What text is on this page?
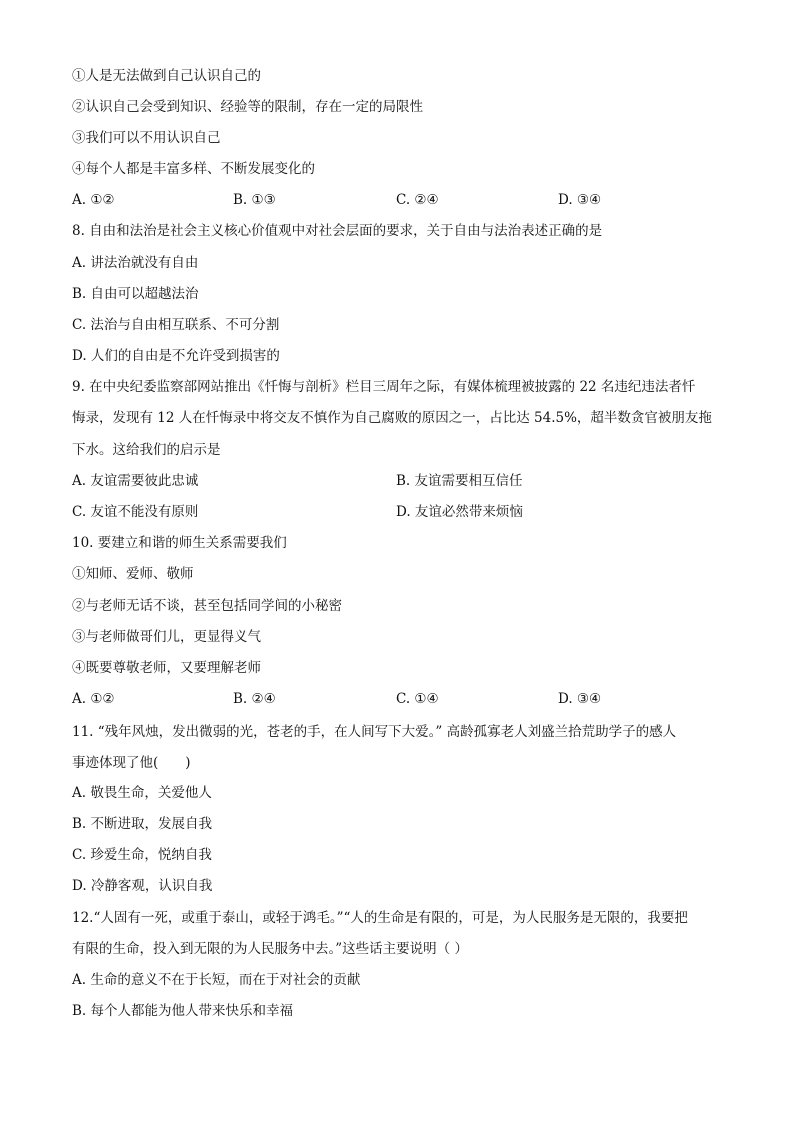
①人是无法做到自己认识自己的
②认识自己会受到知识、经验等的限制，存在一定的局限性
③我们可以不用认识自己
④每个人都是丰富多样、不断发展变化的
A. ①②	B. ①③	C. ②④	D. ③④
8. 自由和法治是社会主义核心价值观中对社会层面的要求，关于自由与法治表述正确的是
A. 讲法治就没有自由
B. 自由可以超越法治
C. 法治与自由相互联系、不可分割
D. 人们的自由是不允许受到损害的
9. 在中央纪委监察部网站推出《忏悔与剖析》栏目三周年之际，有媒体梳理被披露的 22 名违纪违法者忏
悔录，发现有 12 人在忏悔录中将交友不慎作为自己腐败的原因之一，占比达 54.5%，超半数贪官被朋友拖
下水。这给我们的启示是
A. 友谊需要彼此忠诚	B. 友谊需要相互信任
C. 友谊不能没有原则	D. 友谊必然带来烦恼
10. 要建立和谐的师生关系需要我们
①知师、爱师、敬师
②与老师无话不谈，甚至包括同学间的小秘密
③与老师做哥们儿，更显得义气
④既要尊敬老师，又要理解老师
A. ①②	B. ②④	C. ①④	D. ③④
11. “残年风烛，发出微弱的光，苍老的手，在人间写下大爱。” 高龄孤寡老人刘盛兰拾荒助学子的感人
事迹体现了他(　　)
A. 敬畏生命，关爱他人
B. 不断进取，发展自我
C. 珍爱生命，悦纳自我
D. 冷静客观，认识自我
12.“人固有一死，或重于泰山，或轻于鸿毛。”“人的生命是有限的，可是，为人民服务是无限的，我要把
有限的生命，投入到无限的为人民服务中去。”这些话主要说明（ ）
A. 生命的意义不在于长短，而在于对社会的贡献
B. 每个人都能为他人带来快乐和幸福
